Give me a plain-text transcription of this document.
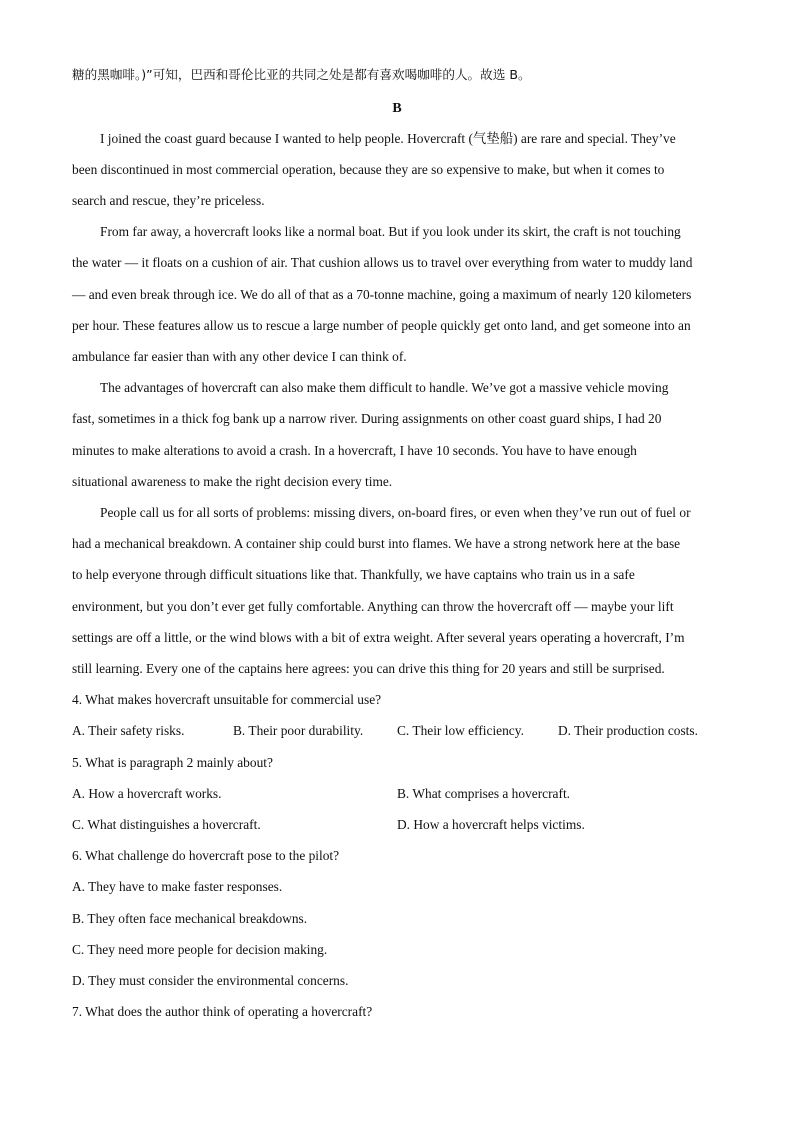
糖的黑咖啡。)”可知，巴西和哥伦比亚的共同之处是都有喜欢喝咖啡的人。故选 B。
B
I joined the coast guard because I wanted to help people. Hovercraft (气垫船) are rare and special. They’ve
been discontinued in most commercial operation, because they are so expensive to make, but when it comes to
search and rescue, they’re priceless.
From far away, a hovercraft looks like a normal boat. But if you look under its skirt, the craft is not touching
the water — it floats on a cushion of air. That cushion allows us to travel over everything from water to muddy land
— and even break through ice. We do all of that as a 70-tonne machine, going a maximum of nearly 120 kilometers
per hour. These features allow us to rescue a large number of people quickly get onto land, and get someone into an
ambulance far easier than with any other device I can think of.
The advantages of hovercraft can also make them difficult to handle. We’ve got a massive vehicle moving
fast, sometimes in a thick fog bank up a narrow river. During assignments on other coast guard ships, I had 20
minutes to make alterations to avoid a crash. In a hovercraft, I have 10 seconds. You have to have enough
situational awareness to make the right decision every time.
People call us for all sorts of problems: missing divers, on-board fires, or even when they’ve run out of fuel or
had a mechanical breakdown. A container ship could burst into flames. We have a strong network here at the base
to help everyone through difficult situations like that. Thankfully, we have captains who train us in a safe
environment, but you don’t ever get fully comfortable. Anything can throw the hovercraft off — maybe your lift
settings are off a little, or the wind blows with a bit of extra weight. After several years operating a hovercraft, I’m
still learning. Every one of the captains here agrees: you can drive this thing for 20 years and still be surprised.
4. What makes hovercraft unsuitable for commercial use?
A. Their safety risks.	B. Their poor durability.	C. Their low efficiency.	D. Their production costs.
5. What is paragraph 2 mainly about?
A. How a hovercraft works.	B. What comprises a hovercraft.
C. What distinguishes a hovercraft.	D. How a hovercraft helps victims.
6. What challenge do hovercraft pose to the pilot?
A. They have to make faster responses.
B. They often face mechanical breakdowns.
C. They need more people for decision making.
D. They must consider the environmental concerns.
7. What does the author think of operating a hovercraft?
